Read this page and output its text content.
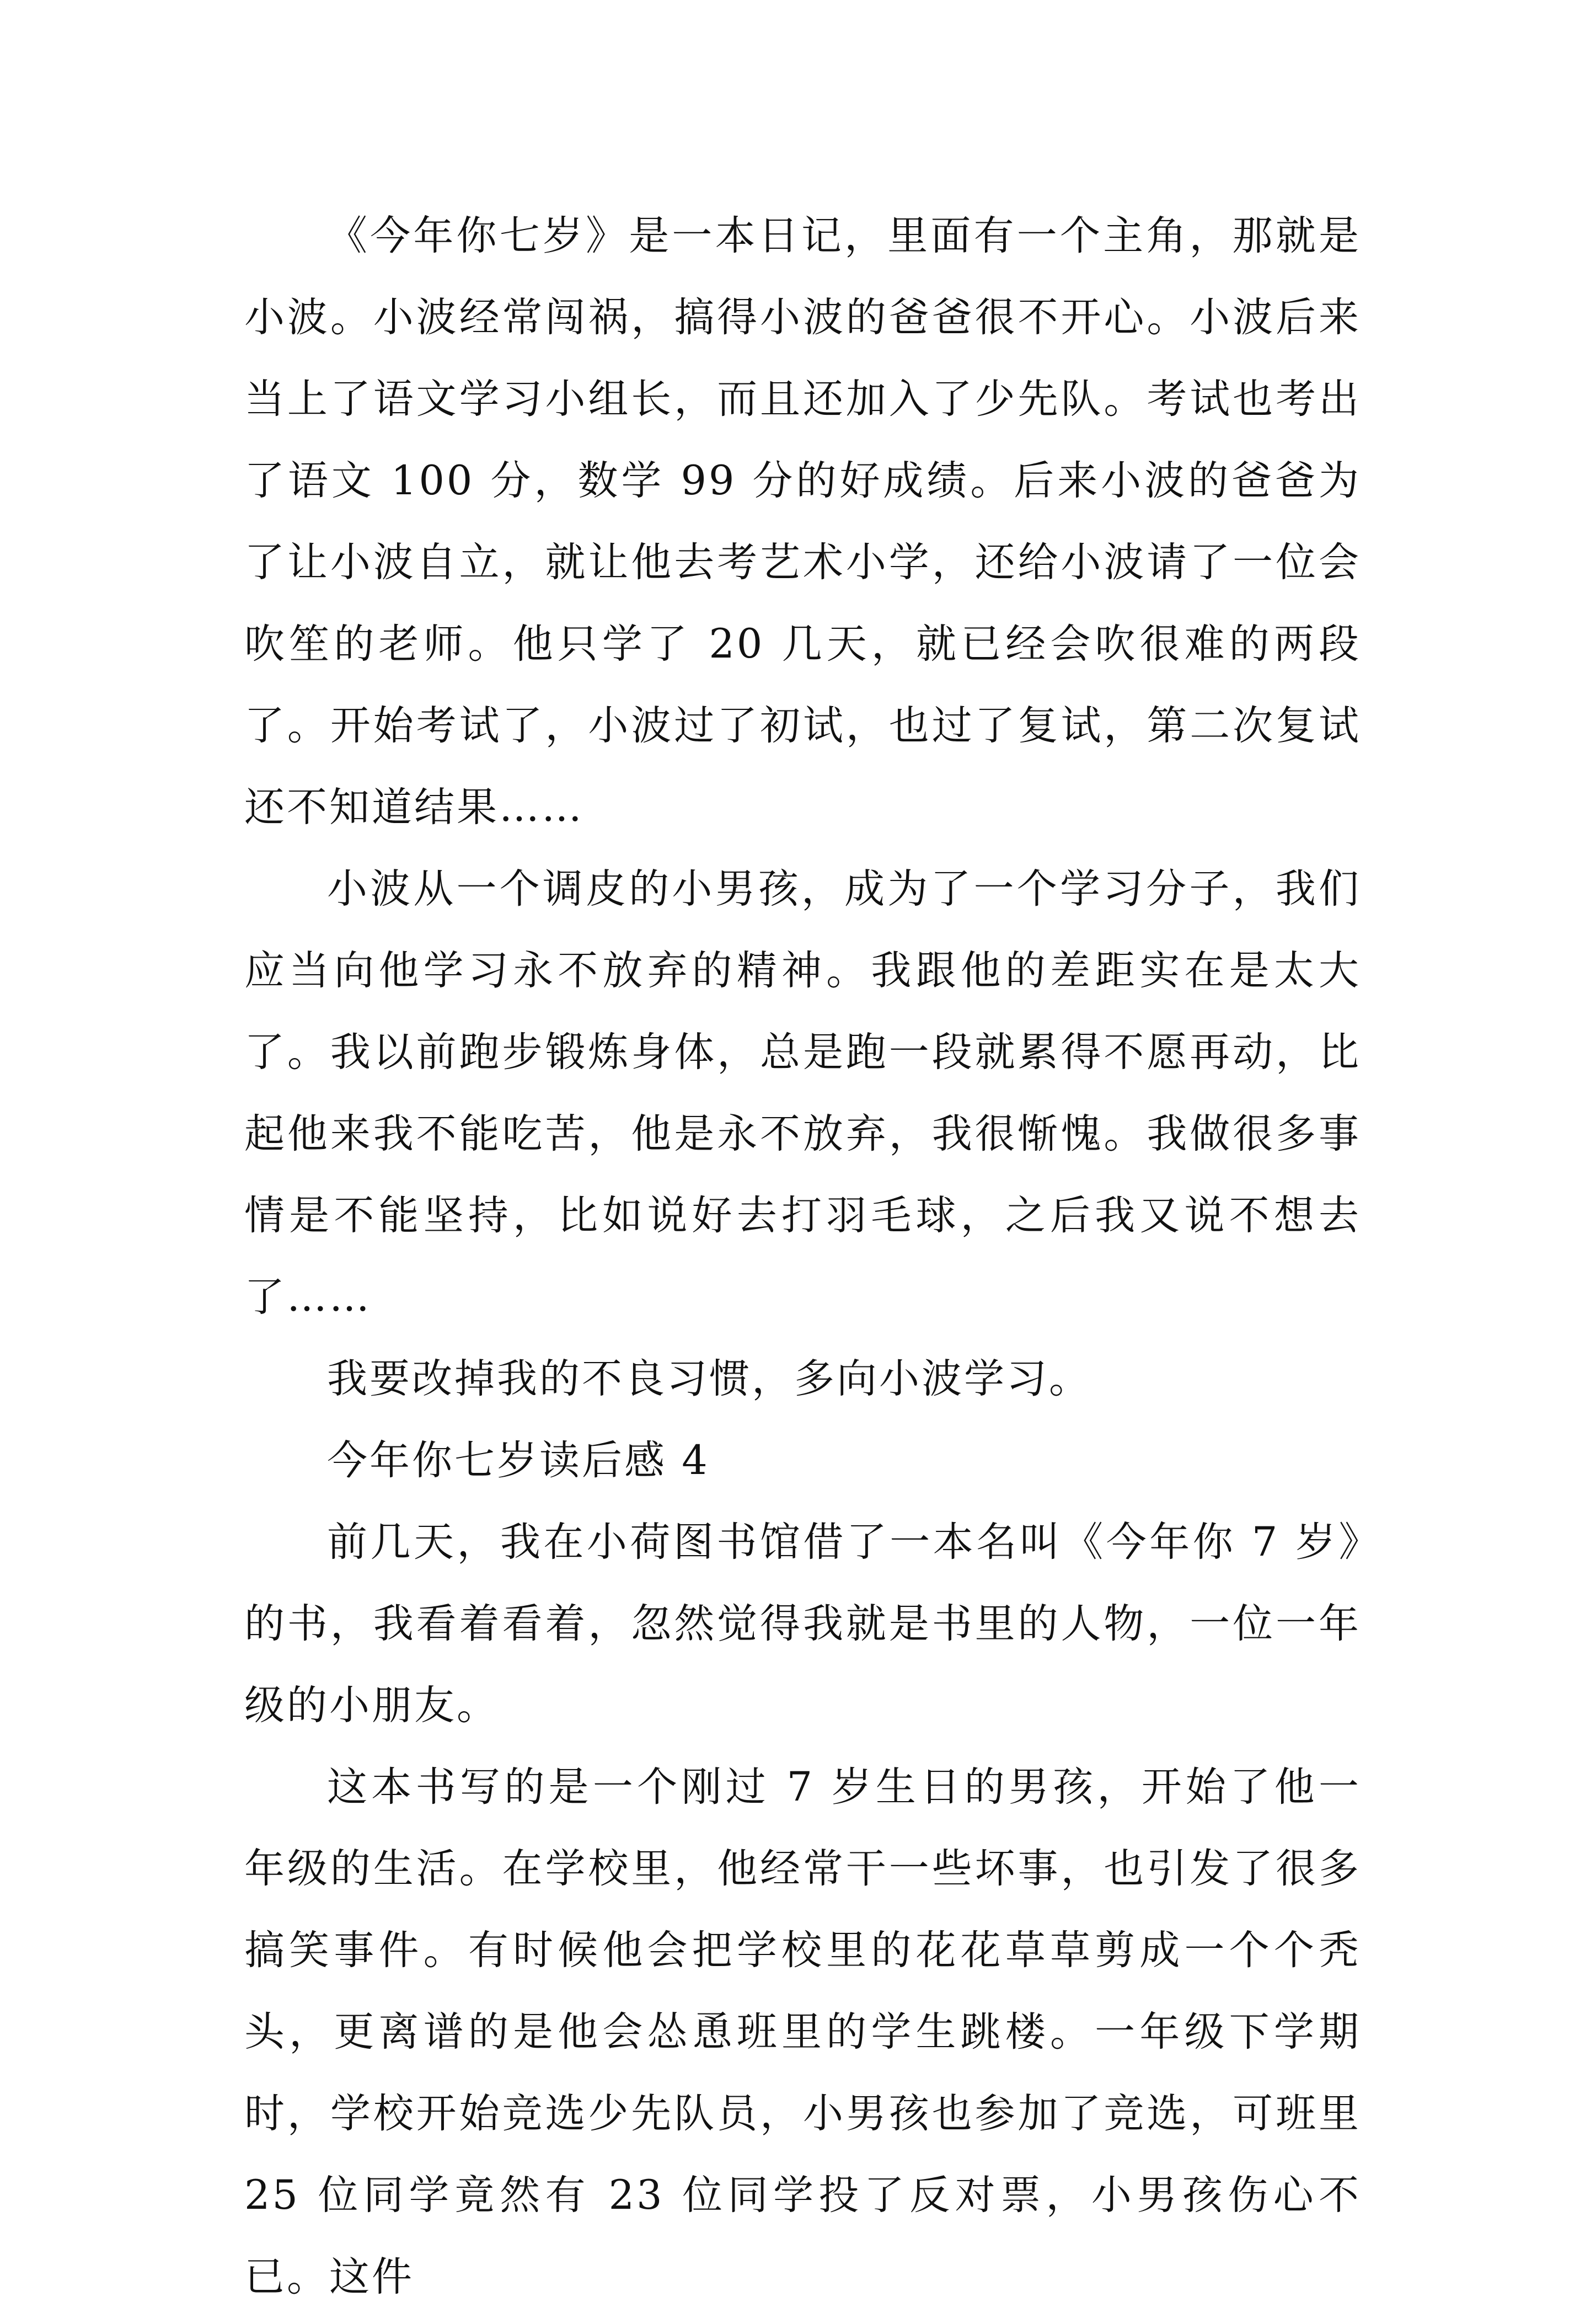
《今年你七岁》是一本日记，里面有一个主角，那就是小波。小波经常闯祸，搞得小波的爸爸很不开心。小波后来当上了语文学习小组长，而且还加入了少先队。考试也考出了语文 100 分，数学 99 分的好成绩。后来小波的爸爸为了让小波自立，就让他去考艺术小学，还给小波请了一位会吹笙的老师。他只学了 20 几天，就已经会吹很难的两段了。开始考试了，小波过了初试，也过了复试，第二次复试还不知道结果……

小波从一个调皮的小男孩，成为了一个学习分子，我们应当向他学习永不放弃的精神。我跟他的差距实在是太大了。我以前跑步锻炼身体，总是跑一段就累得不愿再动，比起他来我不能吃苦，他是永不放弃，我很惭愧。我做很多事情是不能坚持，比如说好去打羽毛球，之后我又说不想去了……

我要改掉我的不良习惯，多向小波学习。

今年你七岁读后感 4

前几天，我在小荷图书馆借了一本名叫《今年你 7 岁》的书，我看着看着，忽然觉得我就是书里的人物，一位一年级的小朋友。

这本书写的是一个刚过 7 岁生日的男孩，开始了他一年级的生活。在学校里，他经常干一些坏事，也引发了很多搞笑事件。有时候他会把学校里的花花草草剪成一个个秃头，更离谱的是他会怂恿班里的学生跳楼。一年级下学期时，学校开始竞选少先队员，小男孩也参加了竞选，可班里 25 位同学竟然有 23 位同学投了反对票，小男孩伤心不已。这件
